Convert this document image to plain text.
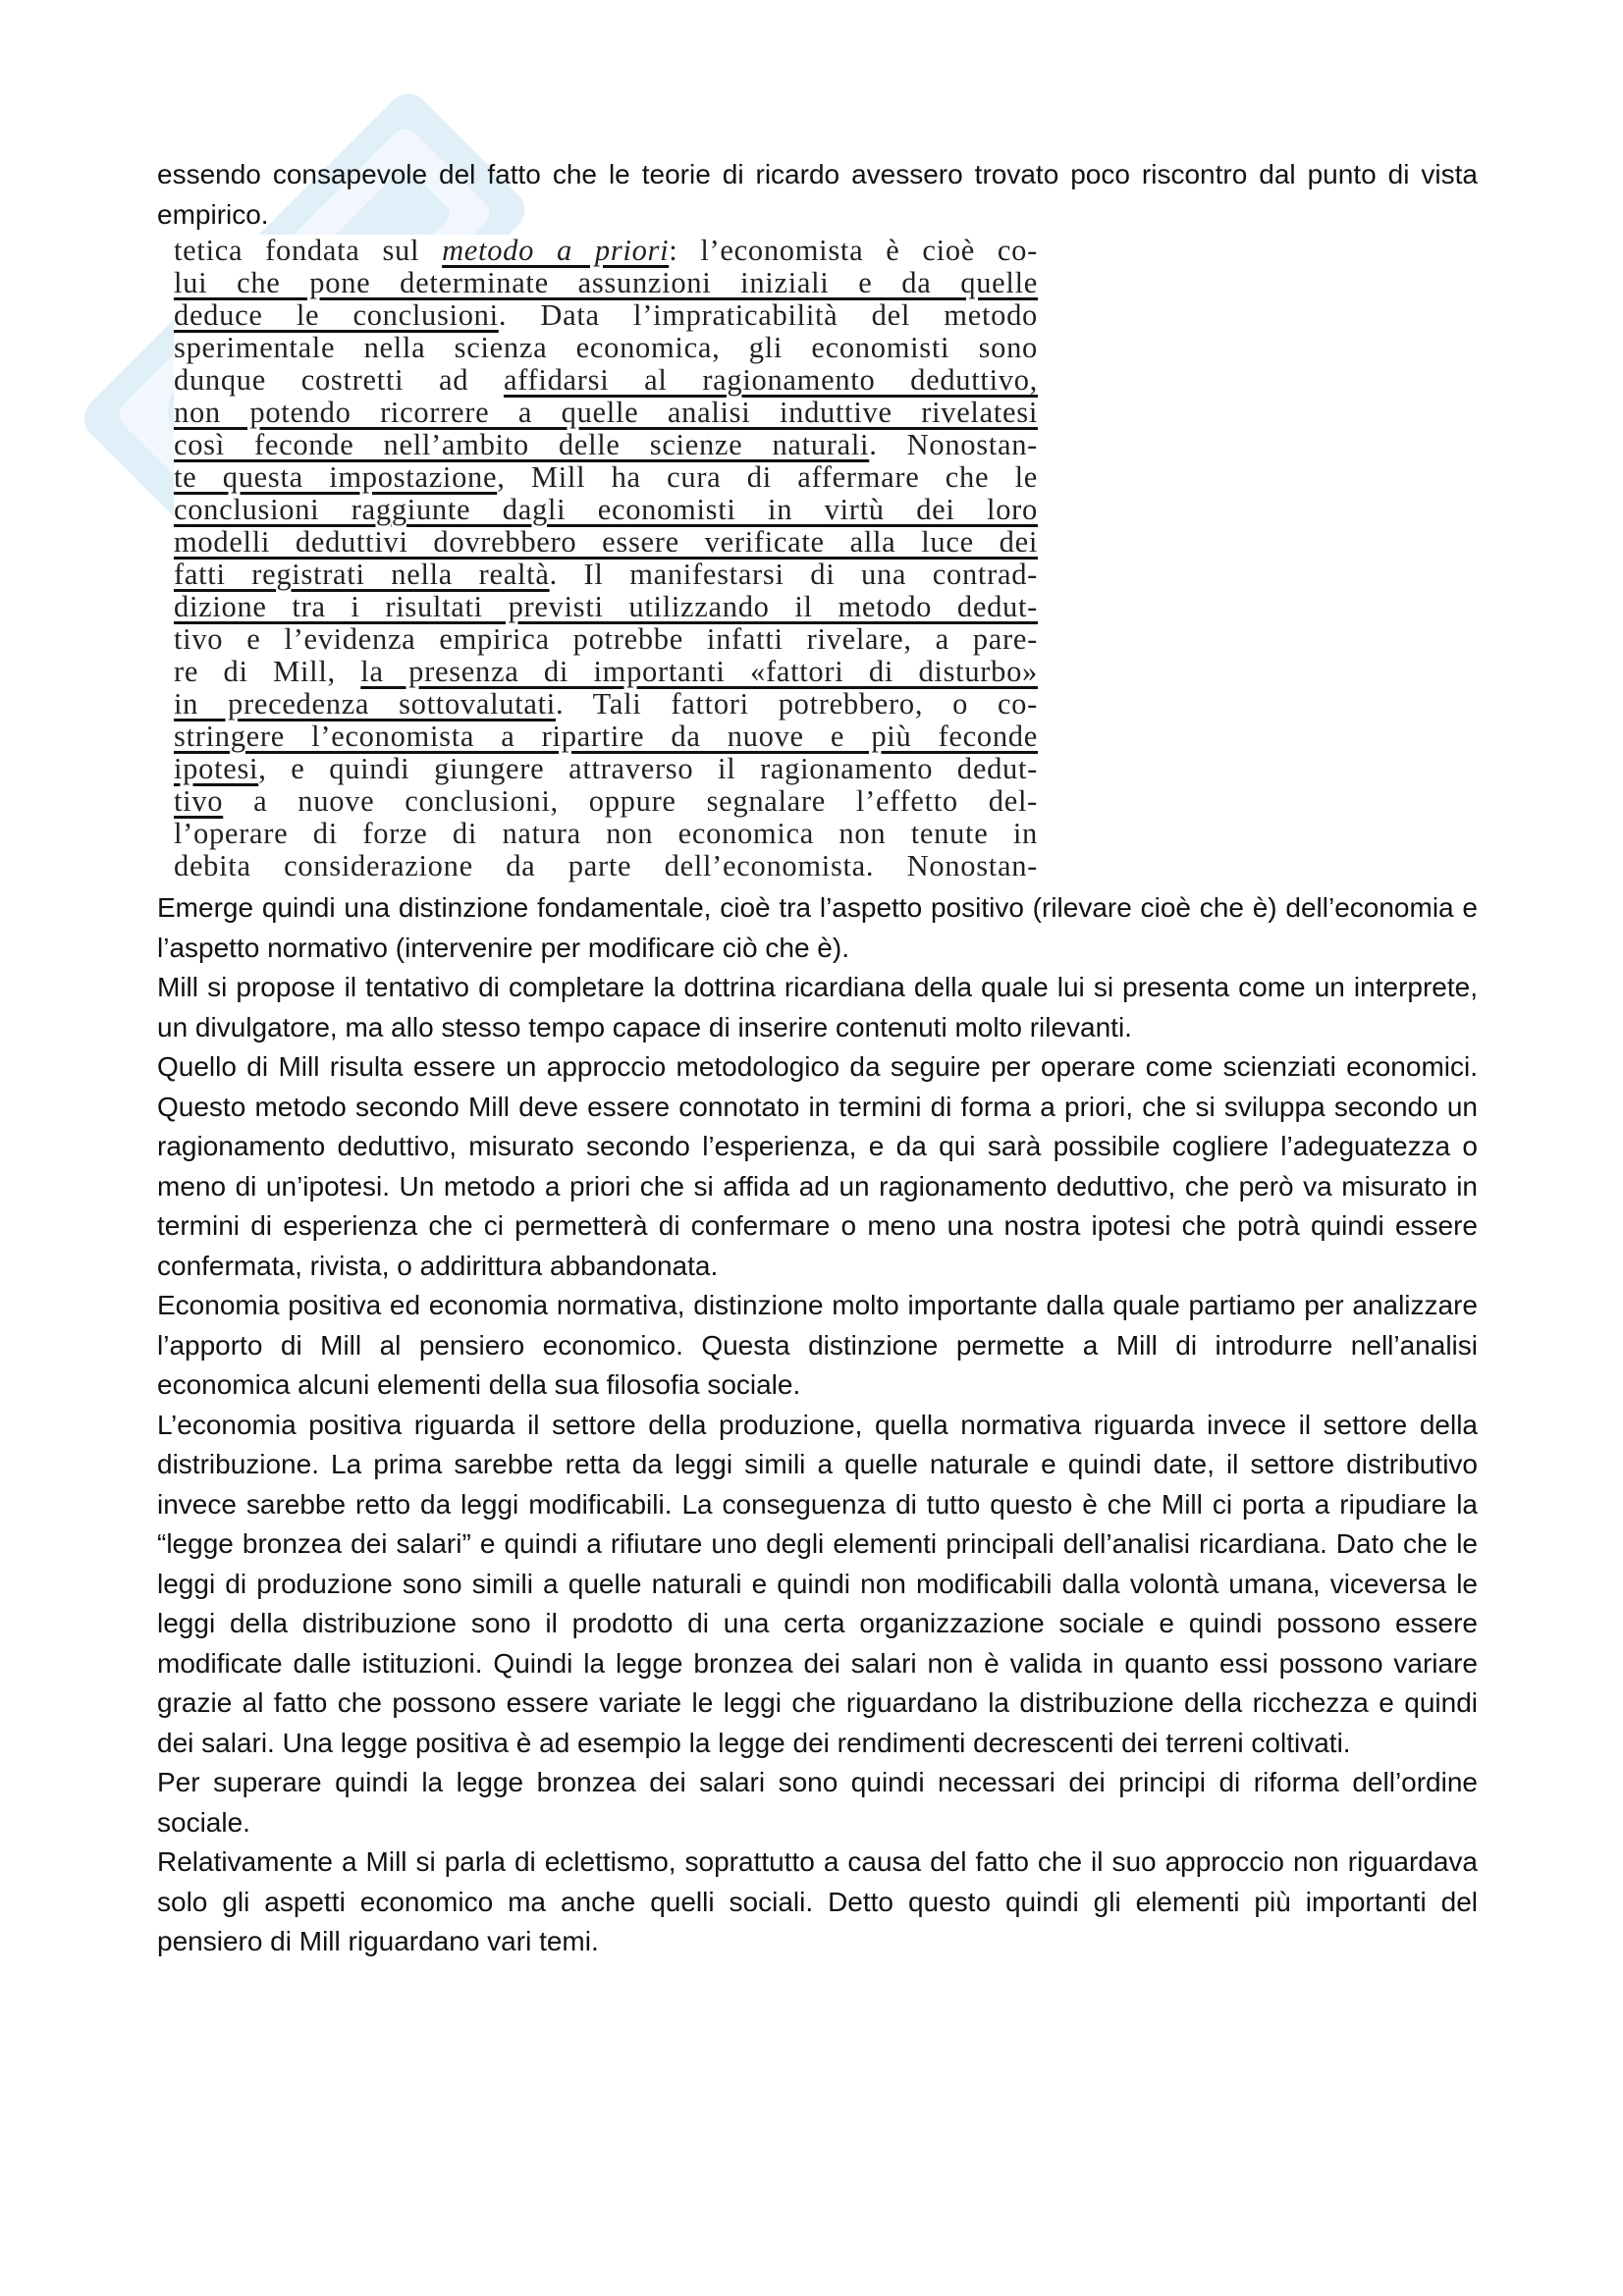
essendo consapevole del fatto che le teorie di ricardo avessero trovato poco riscontro dal punto di vista empirico.

tetica fondata sul metodo a priori: l’economista è cioè co-
lui che pone determinate assunzioni iniziali e da quelle
deduce le conclusioni. Data l’impraticabilità del metodo
sperimentale nella scienza economica, gli economisti sono
dunque costretti ad affidarsi al ragionamento deduttivo,
non potendo ricorrere a quelle analisi induttive rivelatesi
così feconde nell’ambito delle scienze naturali. Nonostan-
te questa impostazione, Mill ha cura di affermare che le
conclusioni raggiunte dagli economisti in virtù dei loro
modelli deduttivi dovrebbero essere verificate alla luce dei
fatti registrati nella realtà. Il manifestarsi di una contrad-
dizione tra i risultati previsti utilizzando il metodo dedut-
tivo e l’evidenza empirica potrebbe infatti rivelare, a pare-
re di Mill, la presenza di importanti «fattori di disturbo»
in precedenza sottovalutati. Tali fattori potrebbero, o co-
stringere l’economista a ripartire da nuove e più feconde
ipotesi, e quindi giungere attraverso il ragionamento dedut-
tivo a nuove conclusioni, oppure segnalare l’effetto del-
l’operare di forze di natura non economica non tenute in
debita considerazione da parte dell’economista. Nonostan-

Emerge quindi una distinzione fondamentale, cioè tra l’aspetto positivo (rilevare cioè che è) dell’economia e l’aspetto normativo (intervenire per modificare ciò che è).

Mill si propose il tentativo di completare la dottrina ricardiana della quale lui si presenta come un interprete, un divulgatore, ma allo stesso tempo capace di inserire contenuti molto rilevanti.

Quello di Mill risulta essere un approccio metodologico da seguire per operare come scienziati economici. Questo metodo secondo Mill deve essere connotato in termini di forma a priori, che si sviluppa secondo un ragionamento deduttivo, misurato secondo l’esperienza, e da qui sarà possibile cogliere l’adeguatezza o meno di un’ipotesi. Un metodo a priori che si affida ad un ragionamento deduttivo, che però va misurato in termini di esperienza che ci permetterà di confermare o meno una nostra ipotesi che potrà quindi essere confermata, rivista, o addirittura abbandonata.

Economia positiva ed economia normativa, distinzione molto importante dalla quale partiamo per analizzare l’apporto di Mill al pensiero economico. Questa distinzione permette a Mill di introdurre nell’analisi economica alcuni elementi della sua filosofia sociale.

L’economia positiva riguarda il settore della produzione, quella normativa riguarda invece il settore della distribuzione. La prima sarebbe retta da leggi simili a quelle naturale e quindi date, il settore distributivo invece sarebbe retto da leggi modificabili. La conseguenza di tutto questo è che Mill ci porta a ripudiare la “legge bronzea dei salari” e quindi a rifiutare uno degli elementi principali dell’analisi ricardiana. Dato che le leggi di produzione sono simili a quelle naturali e quindi non modificabili dalla volontà umana, viceversa le leggi della distribuzione sono il prodotto di una certa organizzazione sociale e quindi possono essere modificate dalle istituzioni. Quindi la legge bronzea dei salari non è valida in quanto essi possono variare grazie al fatto che possono essere variate le leggi che riguardano la distribuzione della ricchezza e quindi dei salari. Una legge positiva è ad esempio la legge dei rendimenti decrescenti dei terreni coltivati.

Per superare quindi la legge bronzea dei salari sono quindi necessari dei principi di riforma dell’ordine sociale.

Relativamente a Mill si parla di eclettismo, soprattutto a causa del fatto che il suo approccio non riguardava solo gli aspetti economico ma anche quelli sociali. Detto questo quindi gli elementi più importanti del pensiero di Mill riguardano vari temi.
